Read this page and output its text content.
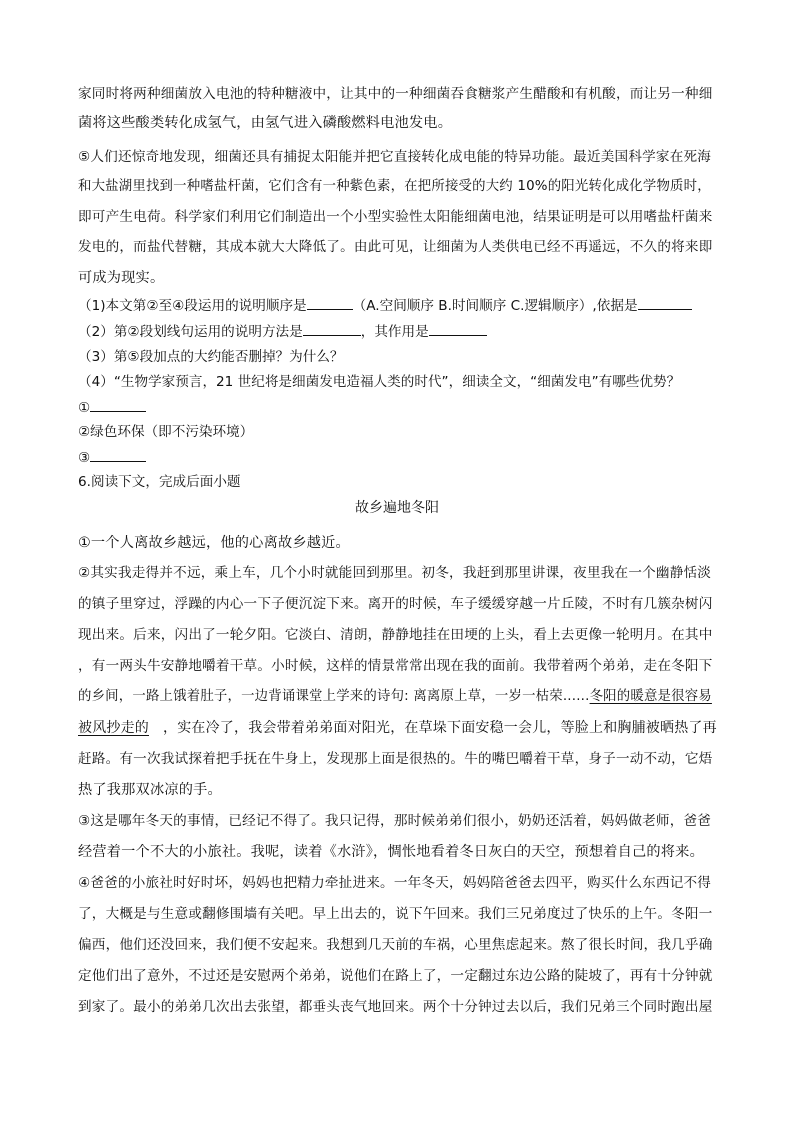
家同时将两种细菌放入电池的特种糖液中，让其中的一种细菌吞食糖浆产生醋酸和有机酸，而让另一种细
菌将这些酸类转化成氢气，由氢气进入磷酸燃料电池发电。
⑤人们还惊奇地发现，细菌还具有捕捉太阳能并把它直接转化成电能的特异功能。最近美国科学家在死海
和大盐湖里找到一种嗜盐杆菌，它们含有一种紫色素，在把所接受的大约 10%的阳光转化成化学物质时，
即可产生电荷。科学家们利用它们制造出一个小型实验性太阳能细菌电池，结果证明是可以用嗜盐杆菌来
发电的，而盐代替糖，其成本就大大降低了。由此可见，让细菌为人类供电已经不再遥远，不久的将来即
可成为现实。
（1)本文第②至④段运用的说明顺序是	（A.空间顺序 B.时间顺序 C.逻辑顺序）,依据是
（2）第②段划线句运用的说明方法是	，其作用是
（3）第⑤段加点的大约能否删掉？为什么？
（4）“生物学家预言，21 世纪将是细菌发电造福人类的时代”，细读全文，“细菌发电”有哪些优势？
①
②绿色环保（即不污染环境）
③
6.阅读下文，完成后面小题
故乡遍地冬阳
①一个人离故乡越远，他的心离故乡越近。
②其实我走得并不远，乘上车，几个小时就能回到那里。初冬，我赶到那里讲课，夜里我在一个幽静恬淡
的镇子里穿过，浮躁的内心一下子便沉淀下来。离开的时候，车子缓缓穿越一片丘陵，不时有几簇杂树闪
现出来。后来，闪出了一轮夕阳。它淡白、清朗，静静地挂在田埂的上头，看上去更像一轮明月。在其中
，有一两头牛安静地嚼着干草。小时候，这样的情景常常出现在我的面前。我带着两个弟弟，走在冬阳下
的乡间，一路上饿着肚子，一边背诵课堂上学来的诗句: 离离原上草，一岁一枯荣......冬阳的暖意是很容易
被风抄走的 ，实在冷了，我会带着弟弟面对阳光，在草垛下面安稳一会儿，等脸上和胸脯被晒热了再
赶路。有一次我试探着把手抚在牛身上，发现那上面是很热的。牛的嘴巴嚼着干草，身子一动不动，它焐
热了我那双冰凉的手。
③这是哪年冬天的事情，已经记不得了。我只记得，那时候弟弟们很小，奶奶还活着，妈妈做老师，爸爸
经营着一个不大的小旅社。我呢，读着《水浒》，惆怅地看着冬日灰白的天空，预想着自己的将来。
④爸爸的小旅社时好时坏，妈妈也把精力牵扯进来。一年冬天，妈妈陪爸爸去四平，购买什么东西记不得
了，大概是与生意或翻修围墙有关吧。早上出去的，说下午回来。我们三兄弟度过了快乐的上午。冬阳一
偏西，他们还没回来，我们便不安起来。我想到几天前的车祸，心里焦虑起来。熬了很长时间，我几乎确
定他们出了意外，不过还是安慰两个弟弟，说他们在路上了，一定翻过东边公路的陡坡了，再有十分钟就
到家了。最小的弟弟几次出去张望，都垂头丧气地回来。两个十分钟过去以后，我们兄弟三个同时跑出屋
